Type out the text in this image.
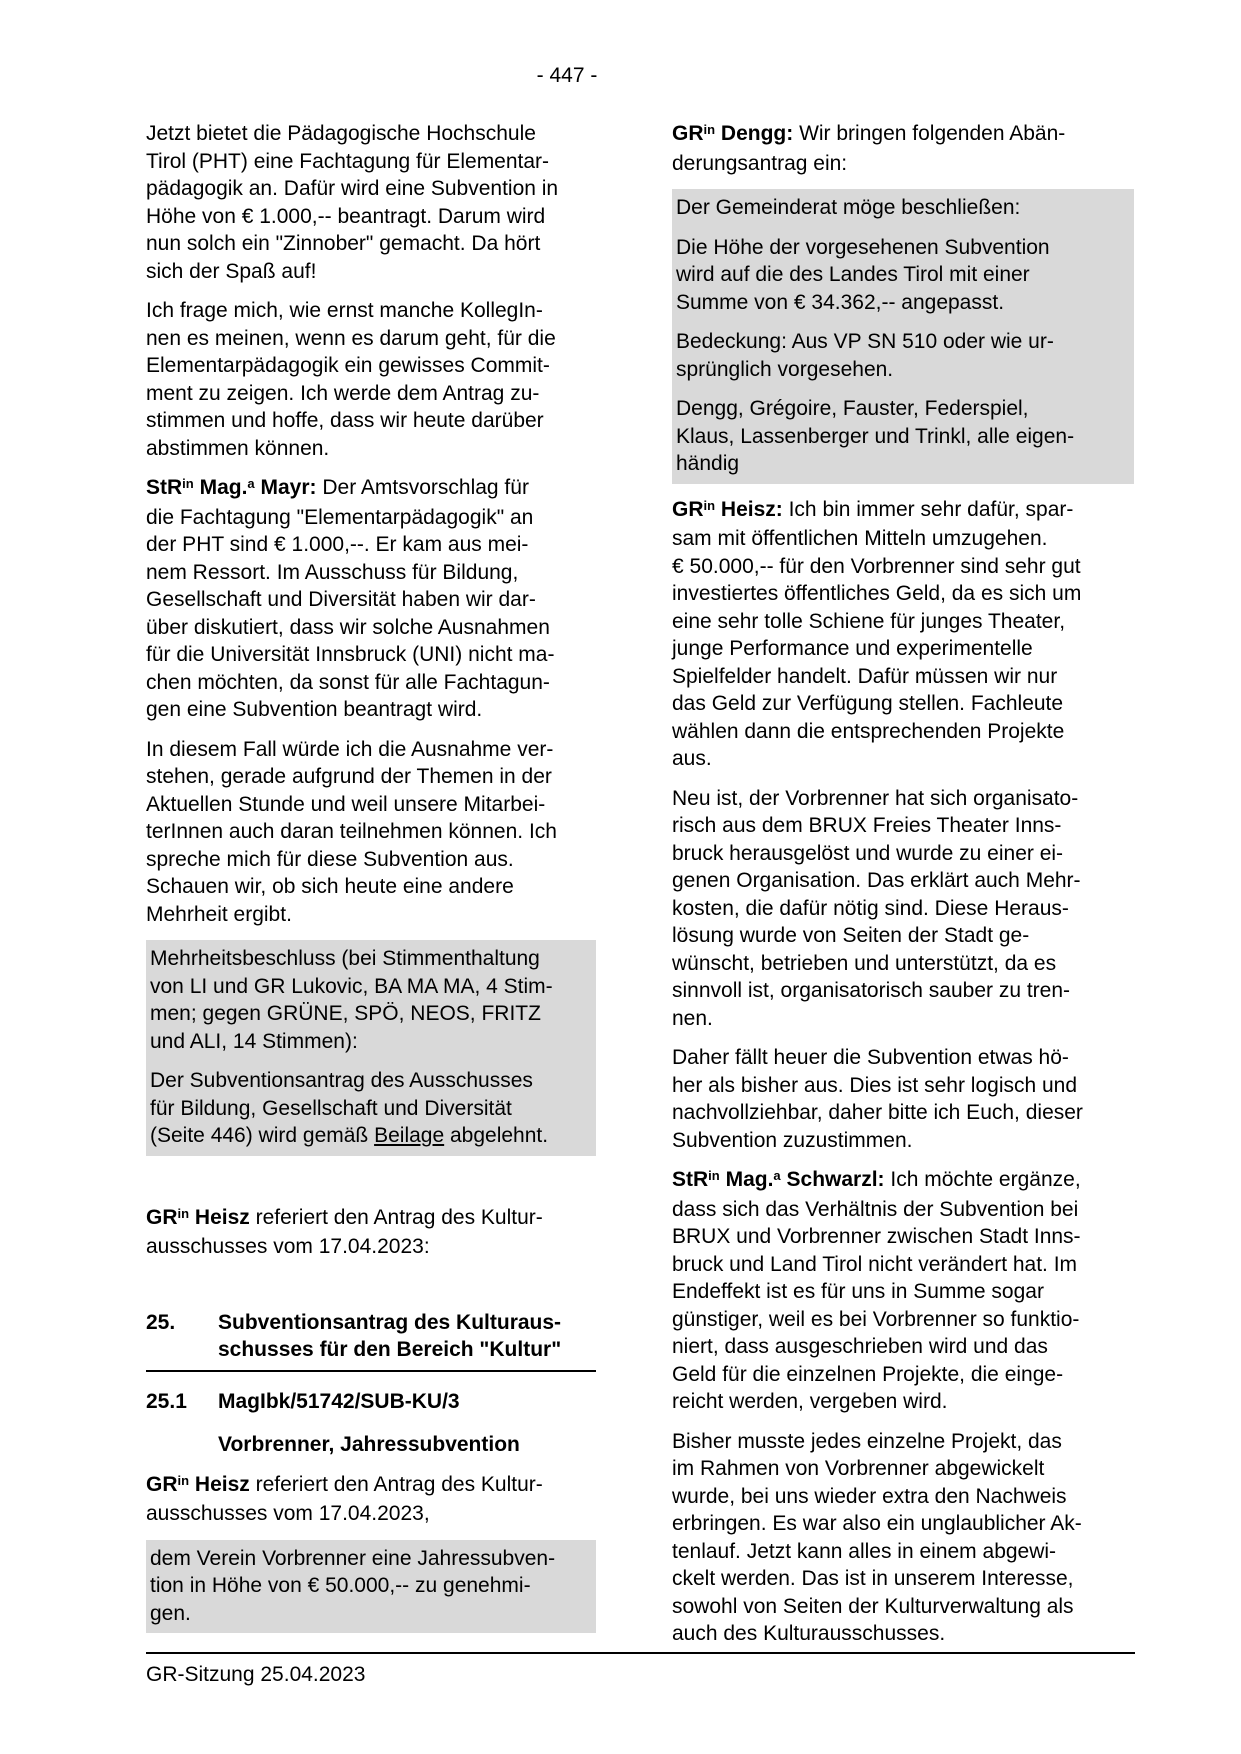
- 447 -

Jetzt bietet die Pädagogische Hochschule
Tirol (PHT) eine Fachtagung für Elementar-
pädagogik an. Dafür wird eine Subvention in
Höhe von € 1.000,-- beantragt. Darum wird
nun solch ein "Zinnober" gemacht. Da hört
sich der Spaß auf!

Ich frage mich, wie ernst manche KollegIn-
nen es meinen, wenn es darum geht, für die
Elementarpädagogik ein gewisses Commit-
ment zu zeigen. Ich werde dem Antrag zu-
stimmen und hoffe, dass wir heute darüber
abstimmen können.

StR$^{in}$ Mag.$^a$ Mayr: Der Amtsvorschlag für
die Fachtagung "Elementarpädagogik" an
der PHT sind € 1.000,--. Er kam aus mei-
nem Ressort. Im Ausschuss für Bildung,
Gesellschaft und Diversität haben wir dar-
über diskutiert, dass wir solche Ausnahmen
für die Universität Innsbruck (UNI) nicht ma-
chen möchten, da sonst für alle Fachtagun-
gen eine Subvention beantragt wird.

In diesem Fall würde ich die Ausnahme ver-
stehen, gerade aufgrund der Themen in der
Aktuellen Stunde und weil unsere Mitarbei-
terInnen auch daran teilnehmen können. Ich
spreche mich für diese Subvention aus.
Schauen wir, ob sich heute eine andere
Mehrheit ergibt.

Mehrheitsbeschluss (bei Stimmenthaltung
von LI und GR Lukovic, BA MA MA, 4 Stim-
men; gegen GRÜNE, SPÖ, NEOS, FRITZ
und ALI, 14 Stimmen):

Der Subventionsantrag des Ausschusses
für Bildung, Gesellschaft und Diversität
(Seite 446) wird gemäß Beilage abgelehnt.

$GR^{in}$ Heisz referiert den Antrag des Kultur-
ausschusses vom 17.04.2023:

25.	Subventionsantrag des Kulturaus-
schusses für den Bereich "Kultur"
25.1	MagIbk/51742/SUB-KU/3
Vorbrenner, Jahressubvention

$GR^{in}$ Heisz referiert den Antrag des Kultur-
ausschusses vom 17.04.2023,

dem Verein Vorbrenner eine Jahressubven-
tion in Höhe von € 50.000,-- zu genehmi-
gen.

$GR^{in}$ Dengg: Wir bringen folgenden Abän-
derungsantrag ein:

Der Gemeinderat möge beschließen:

Die Höhe der vorgesehenen Subvention
wird auf die des Landes Tirol mit einer
Summe von € 34.362,-- angepasst.

Bedeckung: Aus VP SN 510 oder wie ur-
sprünglich vorgesehen.

Dengg, Grégoire, Fauster, Federspiel,
Klaus, Lassenberger und Trinkl, alle eigen-
händig

$GR^{in}$ Heisz: Ich bin immer sehr dafür, spar-
sam mit öffentlichen Mitteln umzugehen.
€ 50.000,-- für den Vorbrenner sind sehr gut
investiertes öffentliches Geld, da es sich um
eine sehr tolle Schiene für junges Theater,
junge Performance und experimentelle
Spielfelder handelt. Dafür müssen wir nur
das Geld zur Verfügung stellen. Fachleute
wählen dann die entsprechenden Projekte
aus.

Neu ist, der Vorbrenner hat sich organisato-
risch aus dem BRUX Freies Theater Inns-
bruck herausgelöst und wurde zu einer ei-
genen Organisation. Das erklärt auch Mehr-
kosten, die dafür nötig sind. Diese Heraus-
lösung wurde von Seiten der Stadt ge-
wünscht, betrieben und unterstützt, da es
sinnvoll ist, organisatorisch sauber zu tren-
nen.

Daher fällt heuer die Subvention etwas hö-
her als bisher aus. Dies ist sehr logisch und
nachvollziehbar, daher bitte ich Euch, dieser
Subvention zuzustimmen.

StR$^{in}$ Mag.$^a$ Schwarzl: Ich möchte ergänze,
dass sich das Verhältnis der Subvention bei
BRUX und Vorbrenner zwischen Stadt Inns-
bruck und Land Tirol nicht verändert hat. Im
Endeffekt ist es für uns in Summe sogar
günstiger, weil es bei Vorbrenner so funktio-
niert, dass ausgeschrieben wird und das
Geld für die einzelnen Projekte, die einge-
reicht werden, vergeben wird.

Bisher musste jedes einzelne Projekt, das
im Rahmen von Vorbrenner abgewickelt
wurde, bei uns wieder extra den Nachweis
erbringen. Es war also ein unglaublicher Ak-
tenlauf. Jetzt kann alles in einem abgewi-
ckelt werden. Das ist in unserem Interesse,
sowohl von Seiten der Kulturverwaltung als
auch des Kulturausschusses.

GR-Sitzung 25.04.2023
